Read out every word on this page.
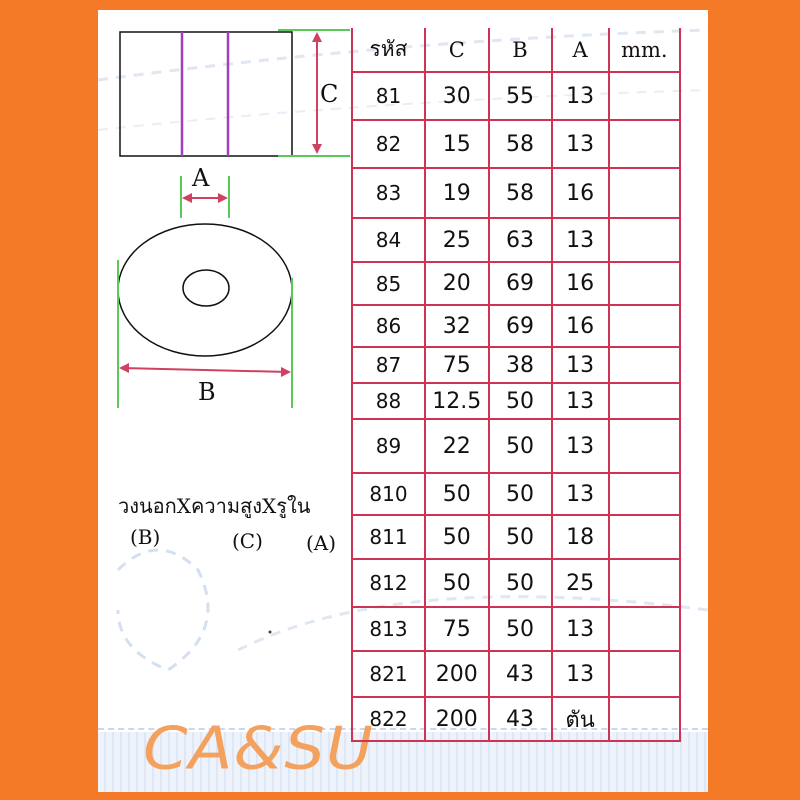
C
A
B
วงนอกXความสูงXรูใน
(B)	(C) (A)
CA&SU
รหัส	C	B	A	mm.
81	30	55	13	
82	15	58	13	
83	19	58	16	
84	25	63	13	
85	20	69	16	
86	32	69	16	
87	75	38	13	
88	12.5	50	13	
89	22	50	13	
810	50	50	13	
811	50	50	18	
812	50	50	25	
813	75	50	13	
821	200	43	13	
822	200	43	ตัน	
